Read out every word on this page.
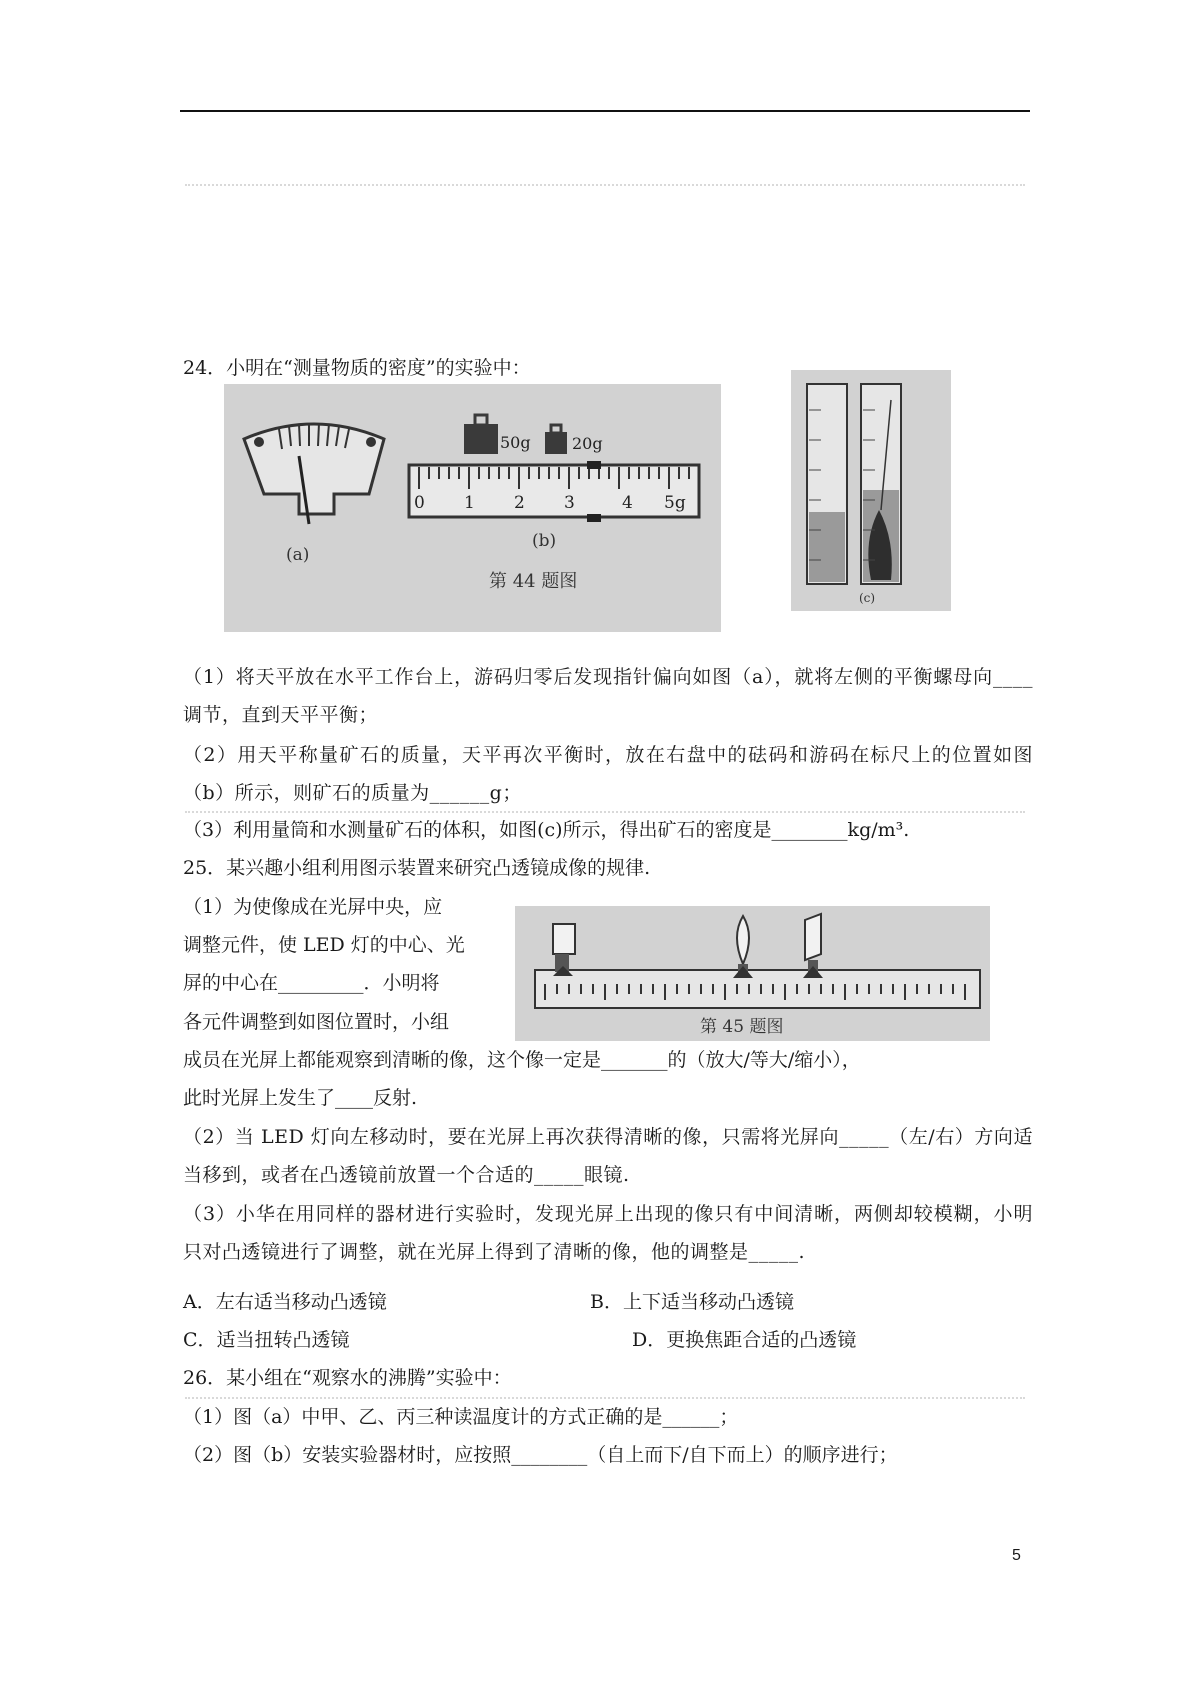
24．小明在“测量物质的密度”的实验中：
(a)
50g	20g
0 1 2 3	4 5g
(b)
第 44 题图
(c)
（1）将天平放在水平工作台上，游码归零后发现指针偏向如图（a），就将左侧的平衡螺母向____调节，直到天平平衡；
（2）用天平称量矿石的质量，天平再次平衡时，放在右盘中的砝码和游码在标尺上的位置如图（b）所示，则矿石的质量为______g；
（3）利用量筒和水测量矿石的体积，如图(c)所示，得出矿石的密度是________kg/m³.
25．某兴趣小组利用图示装置来研究凸透镜成像的规律.
（1）为使像成在光屏中央，应
调整元件，使 LED 灯的中心、光
屏的中心在_________．小明将
各元件调整到如图位置时，小组	第 45 题图
成员在光屏上都能观察到清晰的像，这个像一定是_______的（放大/等大/缩小），
此时光屏上发生了____反射.
（2）当 LED 灯向左移动时，要在光屏上再次获得清晰的像，只需将光屏向_____（左/右）方向适当移到，或者在凸透镜前放置一个合适的_____眼镜.
（3）小华在用同样的器材进行实验时，发现光屏上出现的像只有中间清晰，两侧却较模糊，小明只对凸透镜进行了调整，就在光屏上得到了清晰的像，他的调整是_____.
A．左右适当移动凸透镜	B．上下适当移动凸透镜
C．适当扭转凸透镜	D．更换焦距合适的凸透镜
26．某小组在“观察水的沸腾”实验中：
（1）图（a）中甲、乙、丙三种读温度计的方式正确的是______；
（2）图（b）安装实验器材时，应按照________（自上而下/自下而上）的顺序进行；
5
